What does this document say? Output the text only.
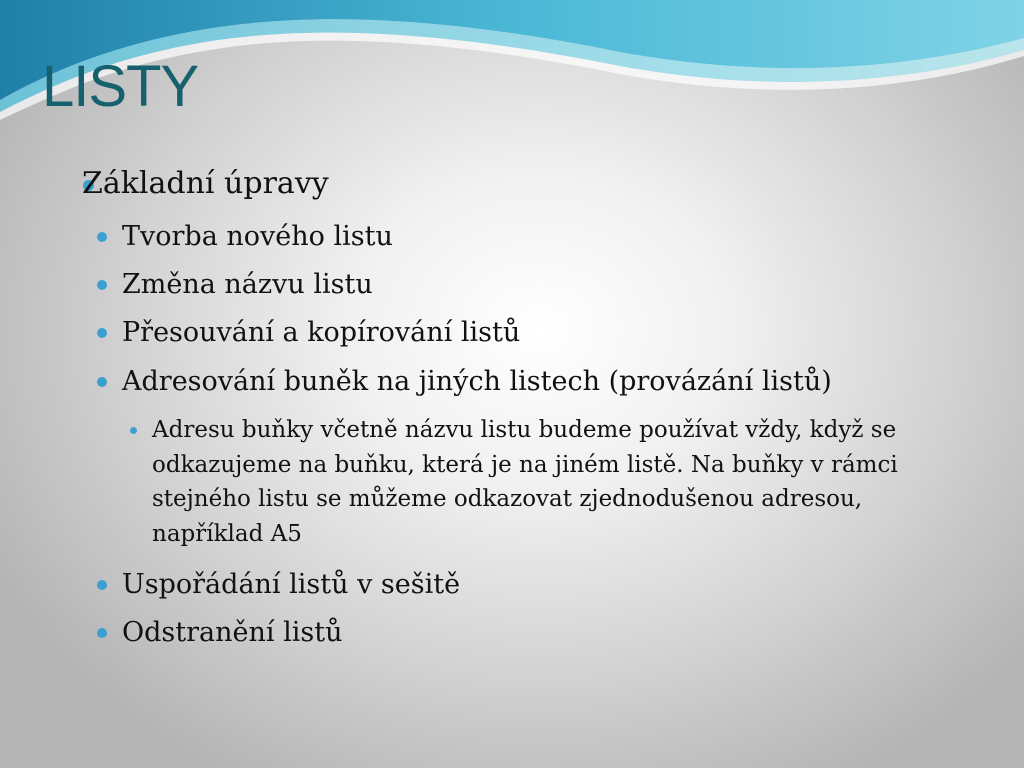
LISTY
Základní úpravy
Tvorba nového listu
Změna názvu listu
Přesouvání a kopírování listů
Adresování buněk na jiných listech (provázání listů)
Adresu buňky včetně názvu listu budeme používat vždy, když se odkazujeme na buňku, která je na jiném listě. Na buňky v rámci stejného listu se můžeme odkazovat zjednodušenou adresou, například A5
Uspořádání listů v sešitě
Odstranění listů
